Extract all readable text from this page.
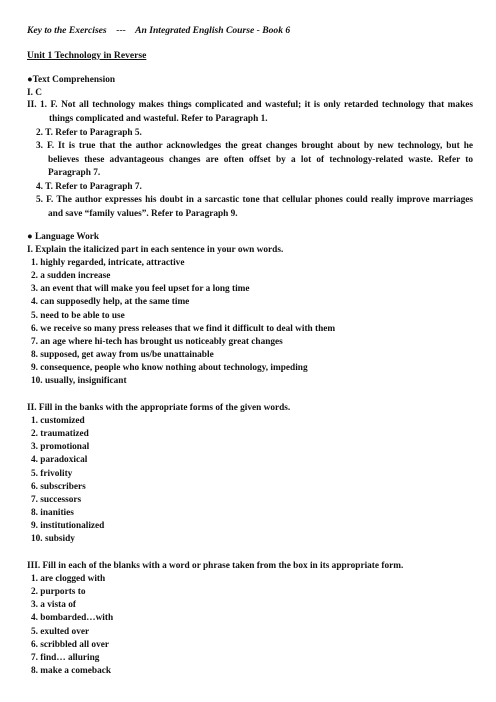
Key to the Exercises    ---    An Integrated English Course - Book 6
Unit 1 Technology in Reverse
●Text Comprehension
I. C
II. 1. F. Not all technology makes things complicated and wasteful; it is only retarded technology that makes things complicated and wasteful. Refer to Paragraph 1.
2. T. Refer to Paragraph 5.
3. F. It is true that the author acknowledges the great changes brought about by new technology, but he believes these advantageous changes are often offset by a lot of technology-related waste. Refer to Paragraph 7.
4. T. Refer to Paragraph 7.
5. F. The author expresses his doubt in a sarcastic tone that cellular phones could really improve marriages and save “family values”. Refer to Paragraph 9.
● Language Work
I. Explain the italicized part in each sentence in your own words.
1. highly regarded, intricate, attractive
2. a sudden increase
3. an event that will make you feel upset for a long time
4. can supposedly help, at the same time
5. need to be able to use
6. we receive so many press releases that we find it difficult to deal with them
7. an age where hi-tech has brought us noticeably great changes
8. supposed, get away from us/be unattainable
9. consequence, people who know nothing about technology, impeding
10. usually, insignificant
II. Fill in the banks with the appropriate forms of the given words.
1. customized
2. traumatized
3. promotional
4. paradoxical
5. frivolity
6. subscribers
7. successors
8. inanities
9. institutionalized
10. subsidy
III. Fill in each of the blanks with a word or phrase taken from the box in its appropriate form.
1. are clogged with
2. purports to
3. a vista of
4. bombarded…with
5. exulted over
6. scribbled all over
7. find… alluring
8. make a comeback
